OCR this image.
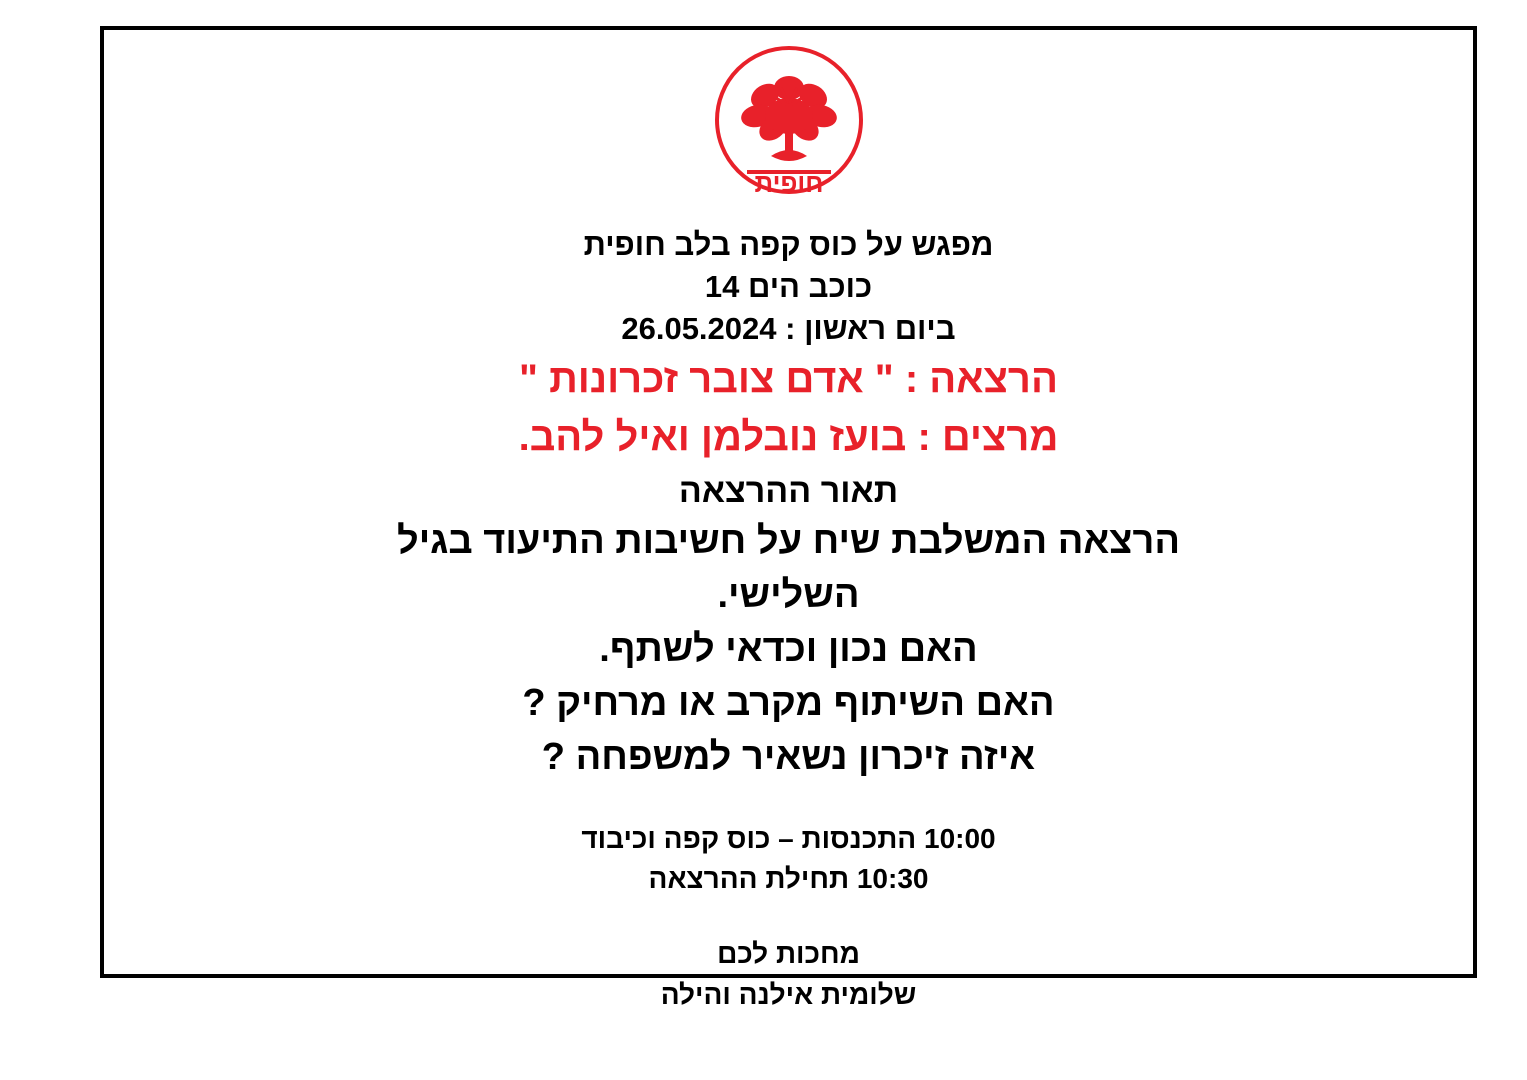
חופית
מפגש על כוס קפה בלב חופית
כוכב הים 14
ביום ראשון : 26.05.2024
הרצאה : " אדם צובר זכרונות "
מרצים : בועז נובלמן ואיל להב.
תאור ההרצאה
הרצאה המשלבת שיח על חשיבות התיעוד בגיל
השלישי.
האם נכון וכדאי לשתף.
האם השיתוף מקרב או מרחיק ?
איזה זיכרון נשאיר למשפחה ?
10:00 התכנסות – כוס קפה וכיבוד
10:30 תחילת ההרצאה
מחכות לכם
שלומית אילנה והילה
